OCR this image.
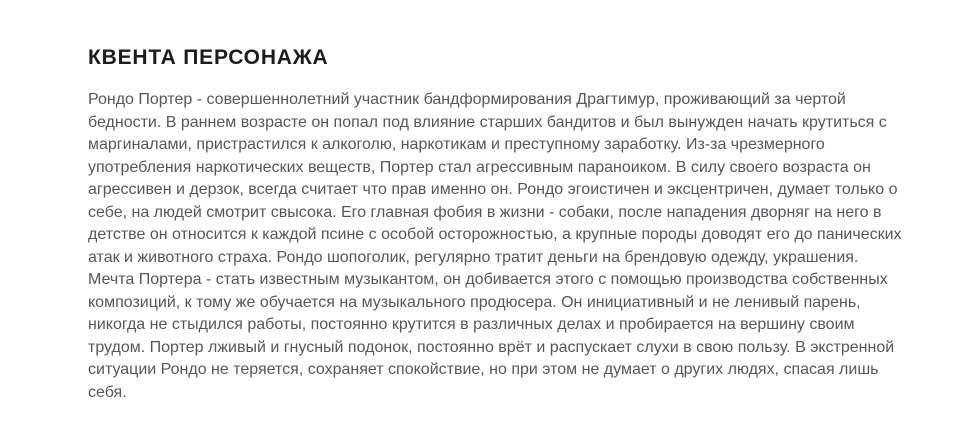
КВЕНТА ПЕРСОНАЖА

Рондо Портер - совершеннолетний участник бандформирования Драгтимур, проживающий за чертой бедности. В раннем возрасте он попал под влияние старших бандитов и был вынужден начать крутиться с маргиналами, пристрастился к алкоголю, наркотикам и преступному заработку. Из-за чрезмерного употребления наркотических веществ, Портер стал агрессивным параноиком. В силу своего возраста он агрессивен и дерзок, всегда считает что прав именно он. Рондо эгоистичен и эксцентричен, думает только о себе, на людей смотрит свысока. Его главная фобия в жизни - собаки, после нападения дворняг на него в детстве он относится к каждой псине с особой осторожностью, а крупные породы доводят его до панических атак и животного страха. Рондо шопоголик, регулярно тратит деньги на брендовую одежду, украшения. Мечта Портера - стать известным музыкантом, он добивается этого с помощью производства собственных композиций, к тому же обучается на музыкального продюсера. Он инициативный и не ленивый парень, никогда не стыдился работы, постоянно крутится в различных делах и пробирается на вершину своим трудом. Портер лживый и гнусный подонок, постоянно врёт и распускает слухи в свою пользу. В экстренной ситуации Рондо не теряется, сохраняет спокойствие, но при этом не думает о других людях, спасая лишь себя.
